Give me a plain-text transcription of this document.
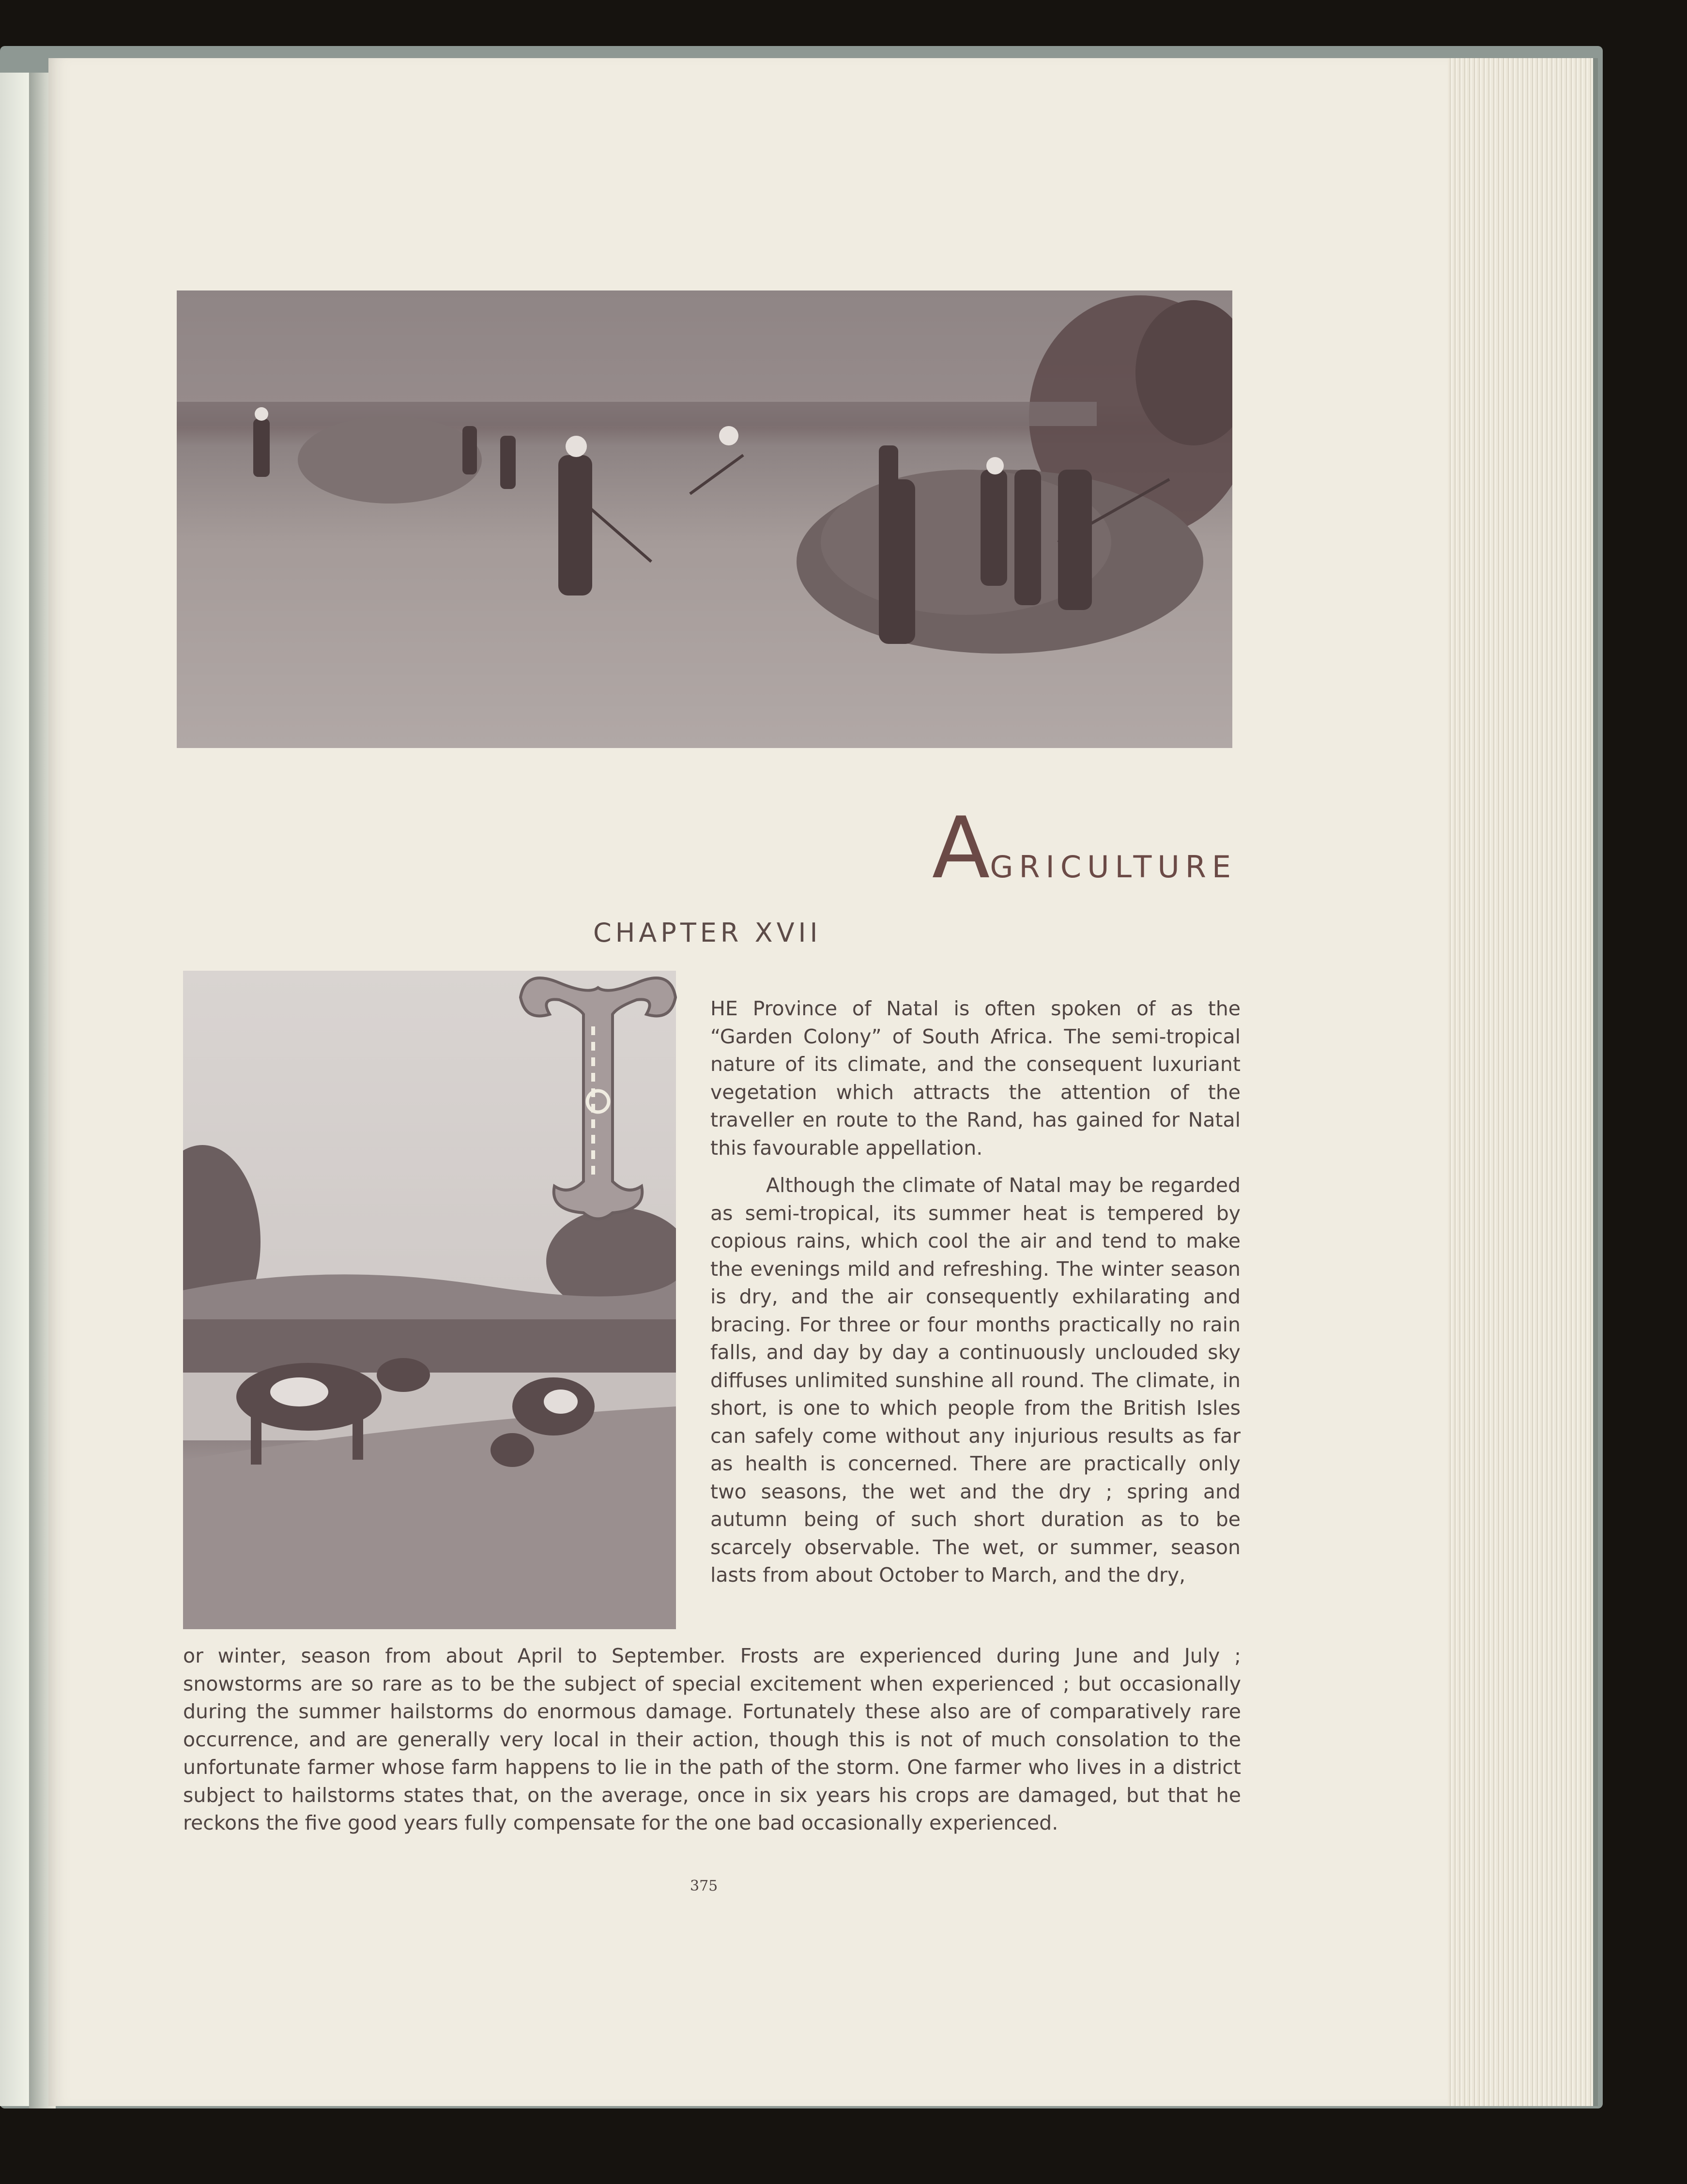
T
AGRICULTURE
CHAPTER XVII
HE Province of Natal is often spoken of as the “Garden Colony” of South Africa. The semi-tropical nature of its climate, and the consequent luxuriant vegetation which attracts the attention of the traveller en route to the Rand, has gained for Natal this favourable appellation.
Although the climate of Natal may be regarded as semi-tropical, its summer heat is tempered by copious rains, which cool the air and tend to make the evenings mild and refreshing. The winter season is dry, and the air consequently exhilarating and bracing. For three or four months practically no rain falls, and day by day a continuously unclouded sky diffuses unlimited sunshine all round. The climate, in short, is one to which people from the British Isles can safely come without any injurious results as far as health is concerned. There are practically only two seasons, the wet and the dry ; spring and autumn being of such short duration as to be scarcely observable. The wet, or summer, season lasts from about October to March, and the dry,
or winter, season from about April to September. Frosts are experienced during June and July ; snowstorms are so rare as to be the subject of special excitement when experienced ; but occasionally during the summer hailstorms do enormous damage. Fortunately these also are of comparatively rare occurrence, and are generally very local in their action, though this is not of much consolation to the unfortunate farmer whose farm happens to lie in the path of the storm. One farmer who lives in a district subject to hailstorms states that, on the average, once in six years his crops are damaged, but that he reckons the five good years fully compensate for the one bad occasionally experienced.
375
